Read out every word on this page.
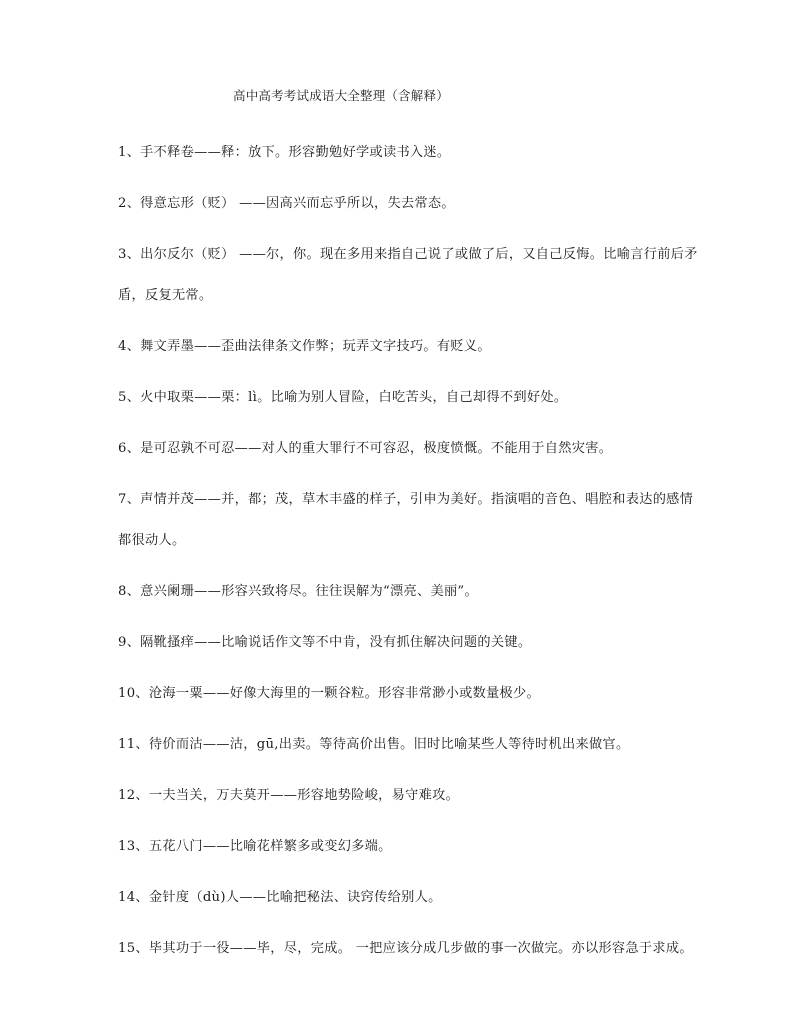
高中高考考试成语大全整理（含解释）
1、手不释卷——释：放下。形容勤勉好学或读书入迷。
2、得意忘形（贬） ——因高兴而忘乎所以，失去常态。
3、出尔反尔（贬） ——尔，你。现在多用来指自己说了或做了后，又自己反悔。比喻言行前后矛盾，反复无常。
4、舞文弄墨——歪曲法律条文作弊；玩弄文字技巧。有贬义。
5、火中取栗——栗：lì。比喻为别人冒险，白吃苦头，自己却得不到好处。
6、是可忍孰不可忍——对人的重大罪行不可容忍，极度愤慨。不能用于自然灾害。
7、声情并茂——并，都；茂，草木丰盛的样子，引申为美好。指演唱的音色、唱腔和表达的感情都很动人。
8、意兴阑珊——形容兴致将尽。往往误解为“漂亮、美丽”。
9、隔靴搔痒——比喻说话作文等不中肯，没有抓住解决问题的关键。
10、沧海一粟——好像大海里的一颗谷粒。形容非常渺小或数量极少。
11、待价而沽——沽，gū,出卖。等待高价出售。旧时比喻某些人等待时机出来做官。
12、一夫当关，万夫莫开——形容地势险峻，易守难攻。
13、五花八门——比喻花样繁多或变幻多端。
14、金针度（dù)人——比喻把秘法、诀窍传给别人。
15、毕其功于一役——毕，尽，完成。 一把应该分成几步做的事一次做完。亦以形容急于求成。
